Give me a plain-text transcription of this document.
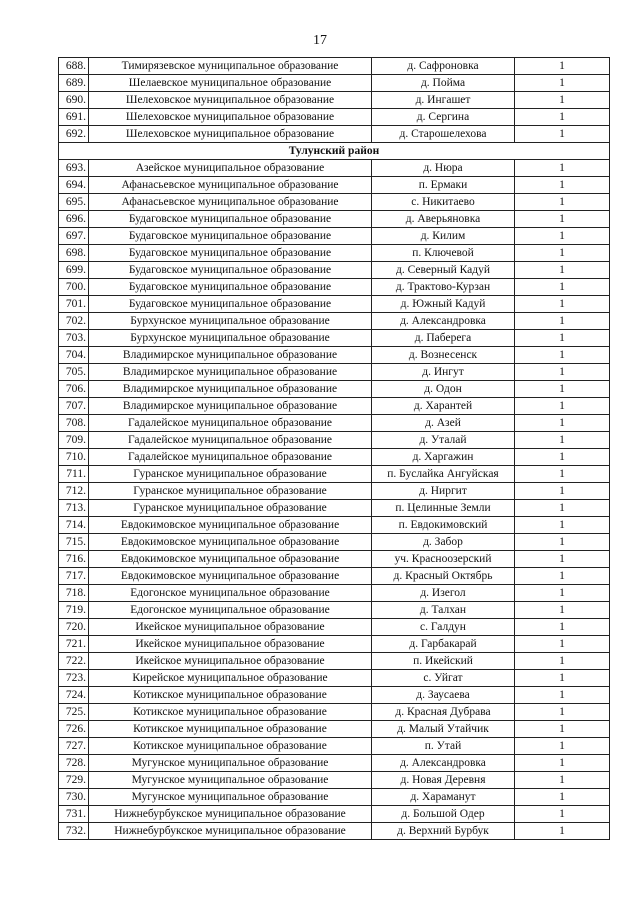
17
688.	Тимирязевское муниципальное образование	д. Сафроновка	1
689.	Шелаевское муниципальное образование	д. Пойма	1
690.	Шелеховское муниципальное образование	д. Ингашет	1
691.	Шелеховское муниципальное образование	д. Сергина	1
692.	Шелеховское муниципальное образование	д. Старошелехова	1
Тулунский район			
693.	Азейское муниципальное образование	д. Нюра	1
694.	Афанасьевское муниципальное образование	п. Ермаки	1
695.	Афанасьевское муниципальное образование	с. Никитаево	1
696.	Будаговское муниципальное образование	д. Аверьяновка	1
697.	Будаговское муниципальное образование	д. Килим	1
698.	Будаговское муниципальное образование	п. Ключевой	1
699.	Будаговское муниципальное образование	д. Северный Кадуй	1
700.	Будаговское муниципальное образование	д. Трактово-Курзан	1
701.	Будаговское муниципальное образование	д. Южный Кадуй	1
702.	Бурхунское муниципальное образование	д. Александровка	1
703.	Бурхунское муниципальное образование	д. Паберега	1
704.	Владимирское муниципальное образование	д. Вознесенск	1
705.	Владимирское муниципальное образование	д. Ингут	1
706.	Владимирское муниципальное образование	д. Одон	1
707.	Владимирское муниципальное образование	д. Харантей	1
708.	Гадалейское муниципальное образование	д. Азей	1
709.	Гадалейское муниципальное образование	д. Уталай	1
710.	Гадалейское муниципальное образование	д. Харгажин	1
711.	Гуранское муниципальное образование	п. Буслайка Ангуйская	1
712.	Гуранское муниципальное образование	д. Ниргит	1
713.	Гуранское муниципальное образование	п. Целинные Земли	1
714.	Евдокимовское муниципальное образование	п. Евдокимовский	1
715.	Евдокимовское муниципальное образование	д. Забор	1
716.	Евдокимовское муниципальное образование	уч. Красноозерский	1
717.	Евдокимовское муниципальное образование	д. Красный Октябрь	1
718.	Едогонское муниципальное образование	д. Изегол	1
719.	Едогонское муниципальное образование	д. Талхан	1
720.	Икейское муниципальное образование	с. Галдун	1
721.	Икейское муниципальное образование	д. Гарбакарай	1
722.	Икейское муниципальное образование	п. Икейский	1
723.	Кирейское муниципальное образование	с. Уйгат	1
724.	Котикское муниципальное образование	д. Заусаева	1
725.	Котикское муниципальное образование	д. Красная Дубрава	1
726.	Котикское муниципальное образование	д. Малый Утайчик	1
727.	Котикское муниципальное образование	п. Утай	1
728.	Мугунское муниципальное образование	д. Александровка	1
729.	Мугунское муниципальное образование	д. Новая Деревня	1
730.	Мугунское муниципальное образование	д. Хараманут	1
731.	Нижнебурбукское муниципальное образование	д. Большой Одер	1
732.	Нижнебурбукское муниципальное образование	д. Верхний Бурбук	1
